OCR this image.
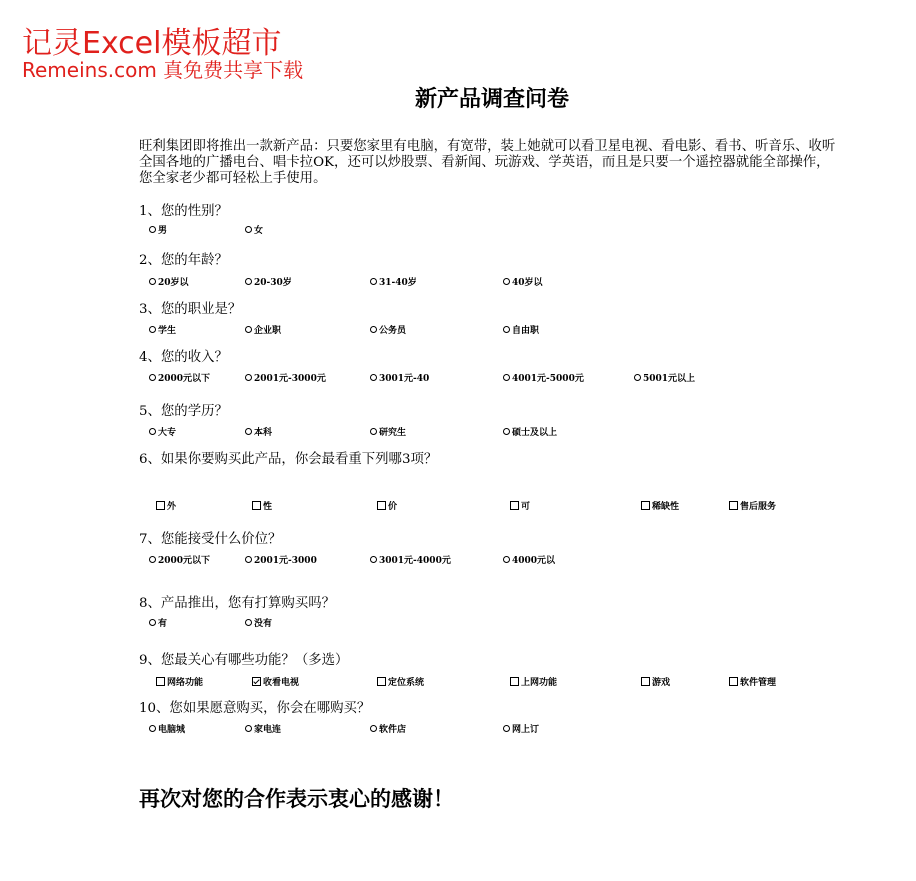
记灵Excel模板超市
Remeins.com 真免费共享下载
新产品调查问卷
旺利集团即将推出一款新产品：只要您家里有电脑，有宽带，装上她就可以看卫星电视、看电影、看书、听音乐、收听全国各地的广播电台、唱卡拉OK，还可以炒股票、看新闻、玩游戏、学英语，而且是只要一个遥控器就能全部操作，您全家老少都可轻松上手使用。
1、您的性别？
男	女
2、您的年龄？
20岁以	20-30岁	31-40岁	40岁以
3、您的职业是？
学生	企业职	公务员	自由职
4、您的收入？
2000元以下	2001元-3000元	3001元-40	4001元-5000元	5001元以上
5、您的学历？
大专	本科	研究生	硕士及以上
6、如果你要购买此产品，你会最看重下列哪3项？
外	性	价	可	稀缺性	售后服务
7、您能接受什么价位？
2000元以下	2001元-3000	3001元-4000元	4000元以
8、产品推出，您有打算购买吗？
有	没有
9、您最关心有哪些功能？（多选）
网络功能	收看电视	定位系统	上网功能	游戏	软件管理
10、您如果愿意购买，你会在哪购买？
电脑城	家电连	软件店	网上订
再次对您的合作表示衷心的感谢！
